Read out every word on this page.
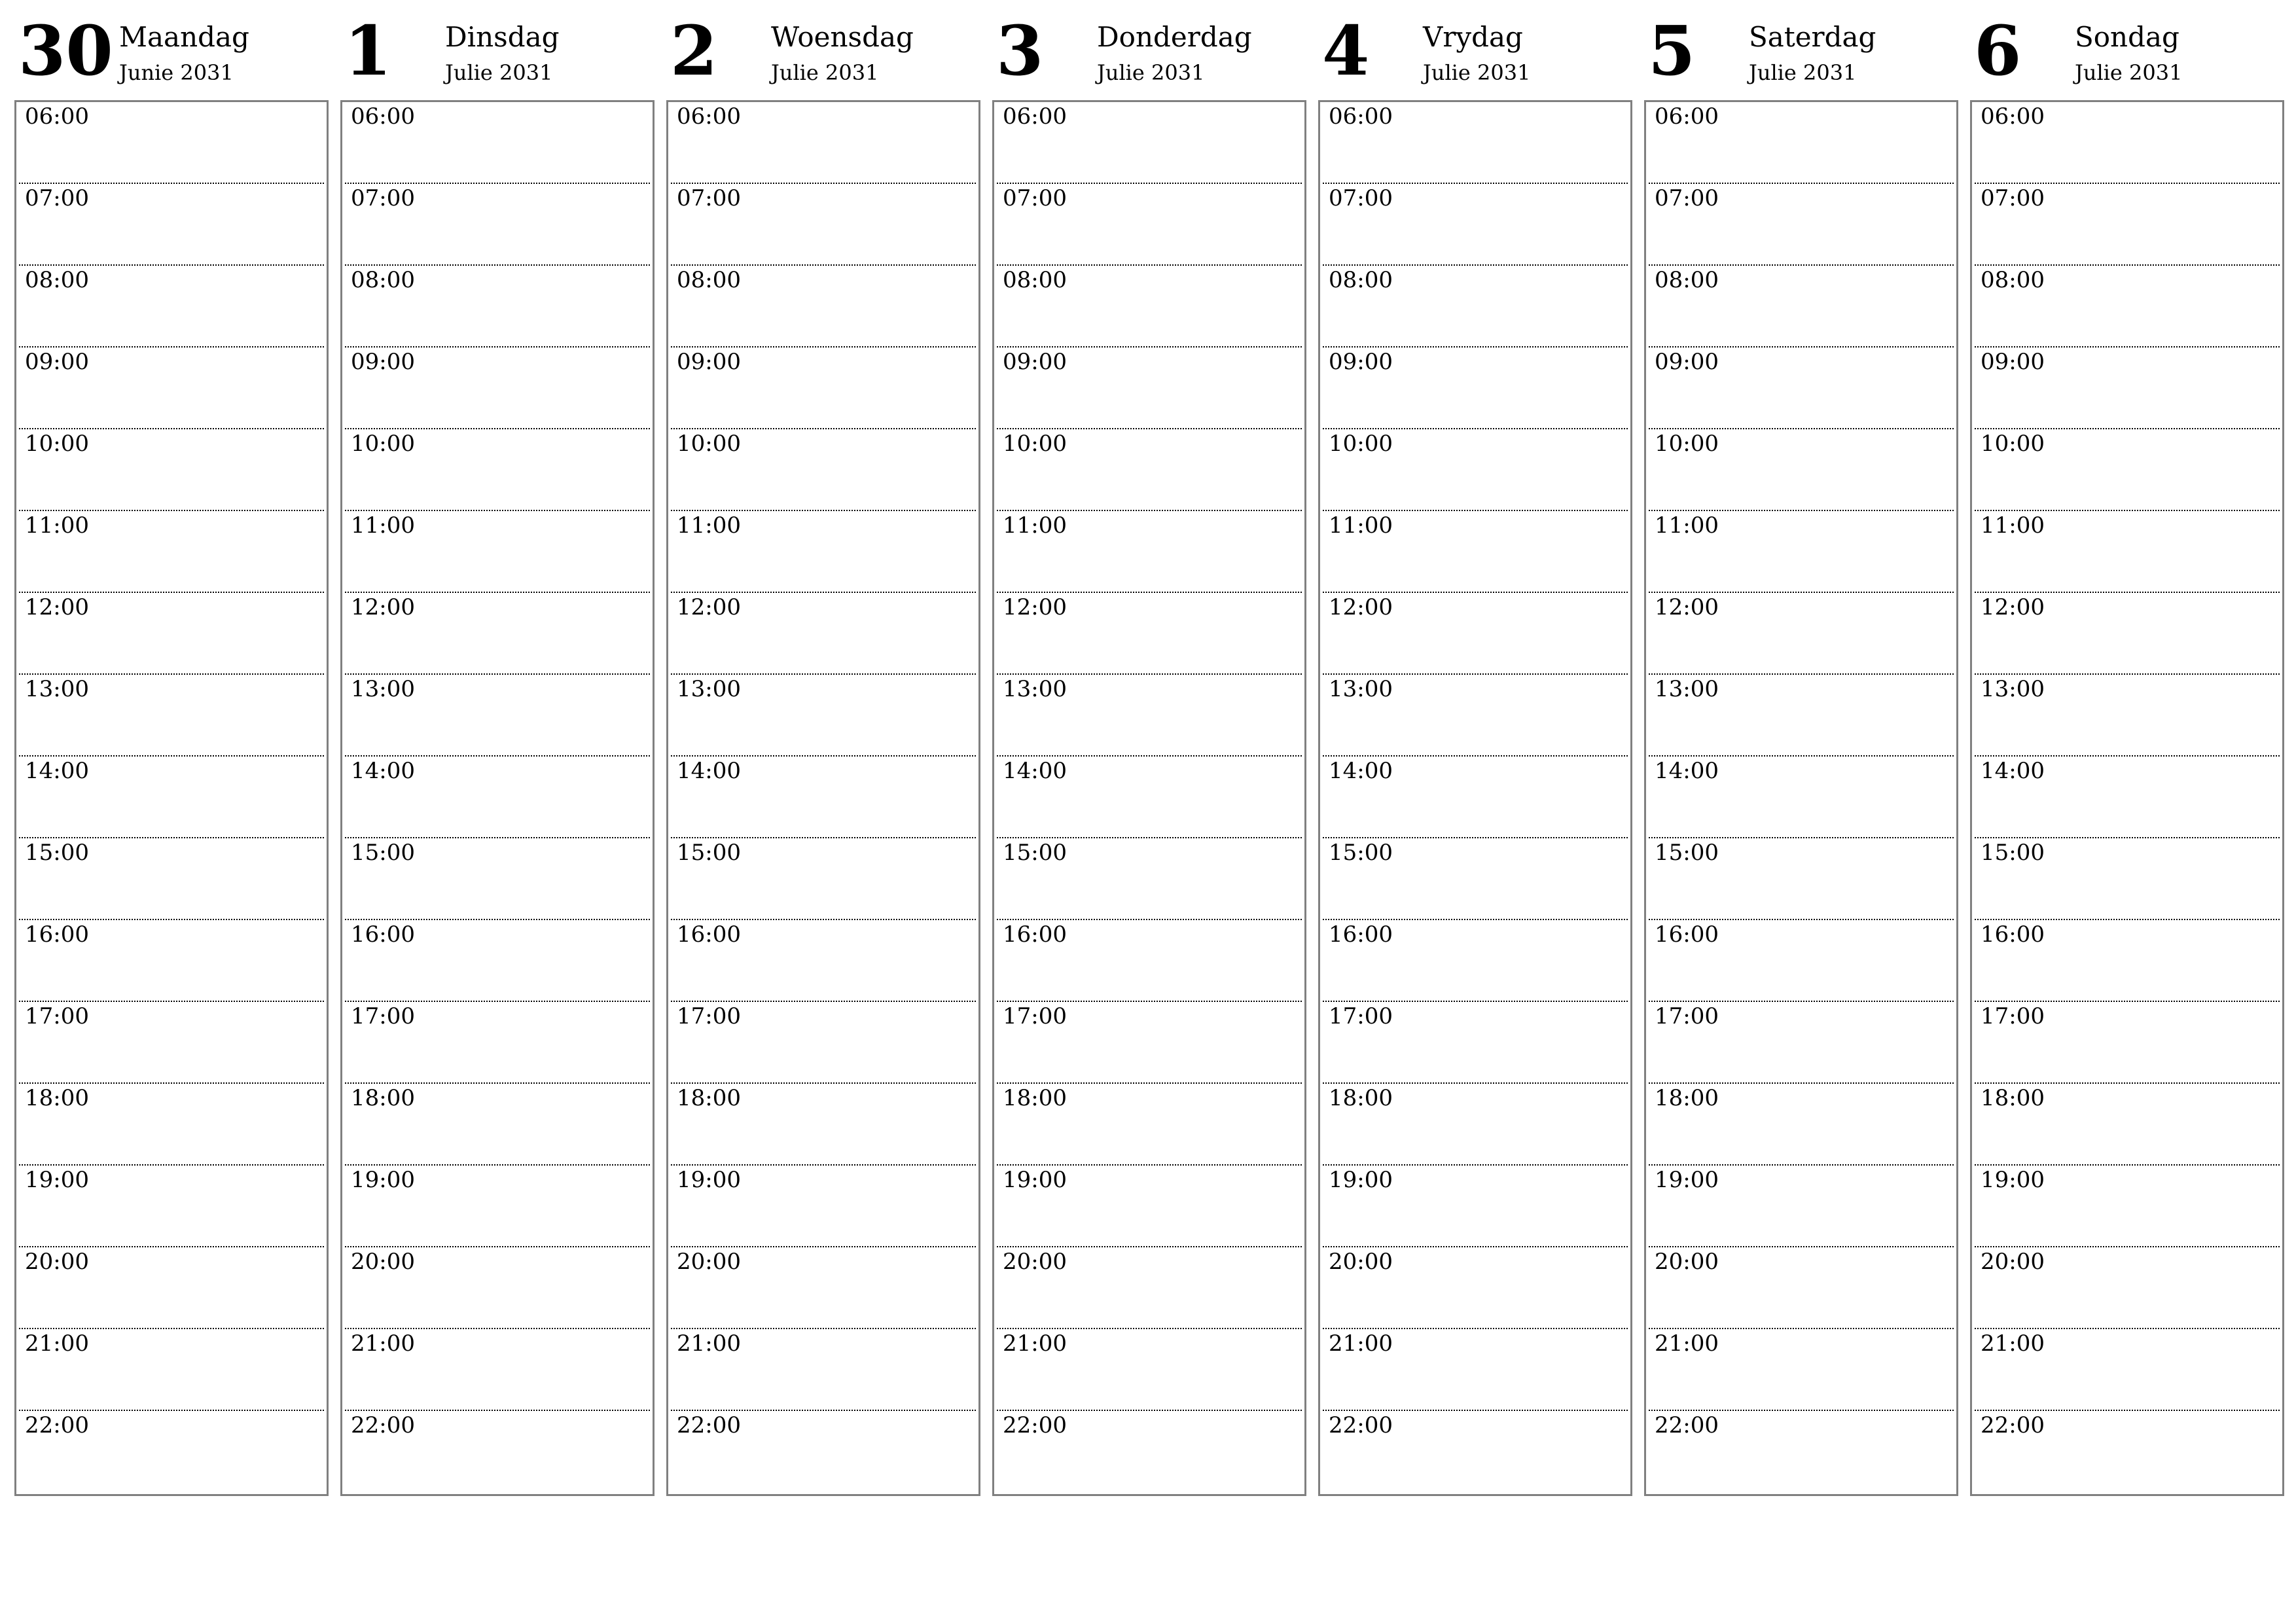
30 Maandag
Junie 2031
06:00
07:00
08:00
09:00
10:00
11:00
12:00
13:00
14:00
15:00
16:00
17:00
18:00
19:00
20:00
21:00
22:00
1 Dinsdag
Julie 2031
06:00
07:00
08:00
09:00
10:00
11:00
12:00
13:00
14:00
15:00
16:00
17:00
18:00
19:00
20:00
21:00
22:00
2 Woensdag
Julie 2031
06:00
07:00
08:00
09:00
10:00
11:00
12:00
13:00
14:00
15:00
16:00
17:00
18:00
19:00
20:00
21:00
22:00
3 Donderdag
Julie 2031
06:00
07:00
08:00
09:00
10:00
11:00
12:00
13:00
14:00
15:00
16:00
17:00
18:00
19:00
20:00
21:00
22:00
4 Vrydag
Julie 2031
06:00
07:00
08:00
09:00
10:00
11:00
12:00
13:00
14:00
15:00
16:00
17:00
18:00
19:00
20:00
21:00
22:00
5 Saterdag
Julie 2031
06:00
07:00
08:00
09:00
10:00
11:00
12:00
13:00
14:00
15:00
16:00
17:00
18:00
19:00
20:00
21:00
22:00
6 Sondag
Julie 2031
06:00
07:00
08:00
09:00
10:00
11:00
12:00
13:00
14:00
15:00
16:00
17:00
18:00
19:00
20:00
21:00
22:00
